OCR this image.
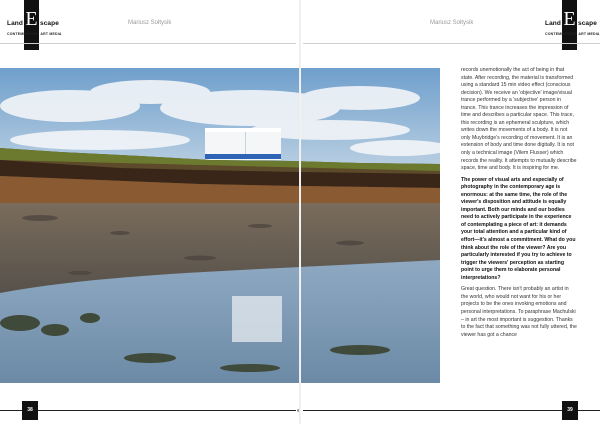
Land E scape
CONTEMPORARY ART MEDIA
Mariusz Sołtysik	Mariusz Sołtysik	Land E scape
CONTEMPORARY ART MEDIA

records unemotionally the act of being in that state. After recording, the material is transformed using a standard 15 min video effect (conscious decision). We receive an 'objective' image/visual trance performed by a 'subjective' person in trance. This trance increases the impression of time and describes a particular space. This trace, this recording is an ephemeral sculpture, which writes down the movements of a body. It is not only Muybridge's recording of movement. It is an extension of body and time done digitally. It is not only a technical image (Vilem Flusser) which records the reality. It attempts to mutually describe space, time and body. It is inspiring for me.

The power of visual arts and especially of photography in the contemporary age is enormous: at the same time, the role of the viewer's disposition and attitude is equally important. Both our minds and our bodies need to actively participate in the experience of contemplating a piece of art: it demands your total attention and a particular kind of effort—it's almost a commitment. What do you think about the role of the viewer? Are you particularly interested if you try to achieve to trigger the viewers' perception as starting point to urge them to elaborate personal interpretations?

Great question. There isn't probably an artist in the world, who would not want for his or her projects to be the ones invoking emotions and personal interpretations. To paraphrase Machulski – in art the most important is suggestion. Thanks to the fact that something was not fully uttered, the viewer has got a chance

38	39
